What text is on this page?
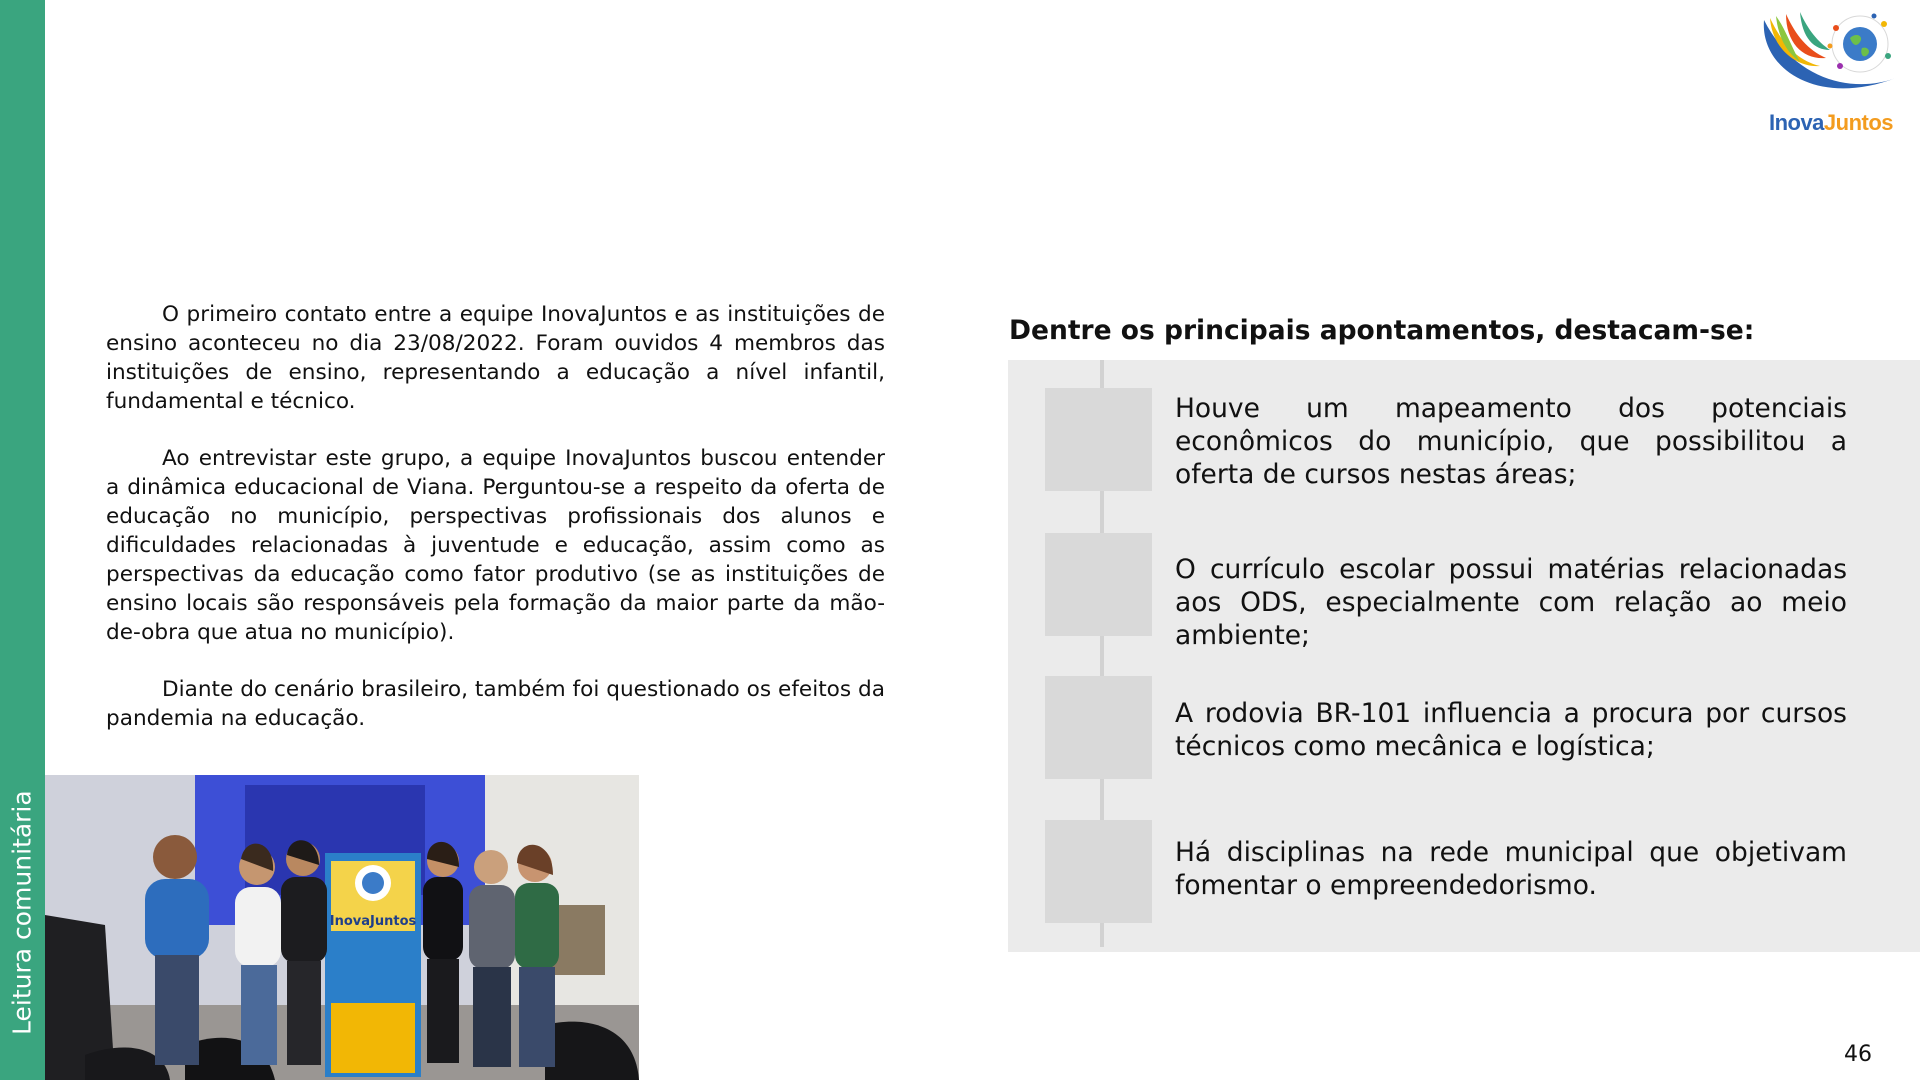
Leitura comunitária
InovaJuntos

O primeiro contato entre a equipe InovaJuntos e as instituições de ensino aconteceu no dia 23/08/2022. Foram ouvidos 4 membros das instituições de ensino, representando a educação a nível infantil, fundamental e técnico.

Ao entrevistar este grupo, a equipe InovaJuntos buscou entender a dinâmica educacional de Viana. Perguntou-se a respeito da oferta de educação no município, perspectivas profissionais dos alunos e dificuldades relacionadas à juventude e educação, assim como as perspectivas da educação como fator produtivo (se as instituições de ensino locais são responsáveis pela formação da maior parte da mão-de-obra que atua no município).

Diante do cenário brasileiro, também foi questionado os efeitos da pandemia na educação.

InovaJuntos
Dentre os principais apontamentos, destacam-se:
Houve um mapeamento dos potenciais econômicos do município, que possibilitou a oferta de cursos nestas áreas;
O currículo escolar possui matérias relacionadas aos ODS, especialmente com relação ao meio ambiente;
A rodovia BR-101 influencia a procura por cursos técnicos como mecânica e logística;
Há disciplinas na rede municipal que objetivam fomentar o empreendedorismo.
46
